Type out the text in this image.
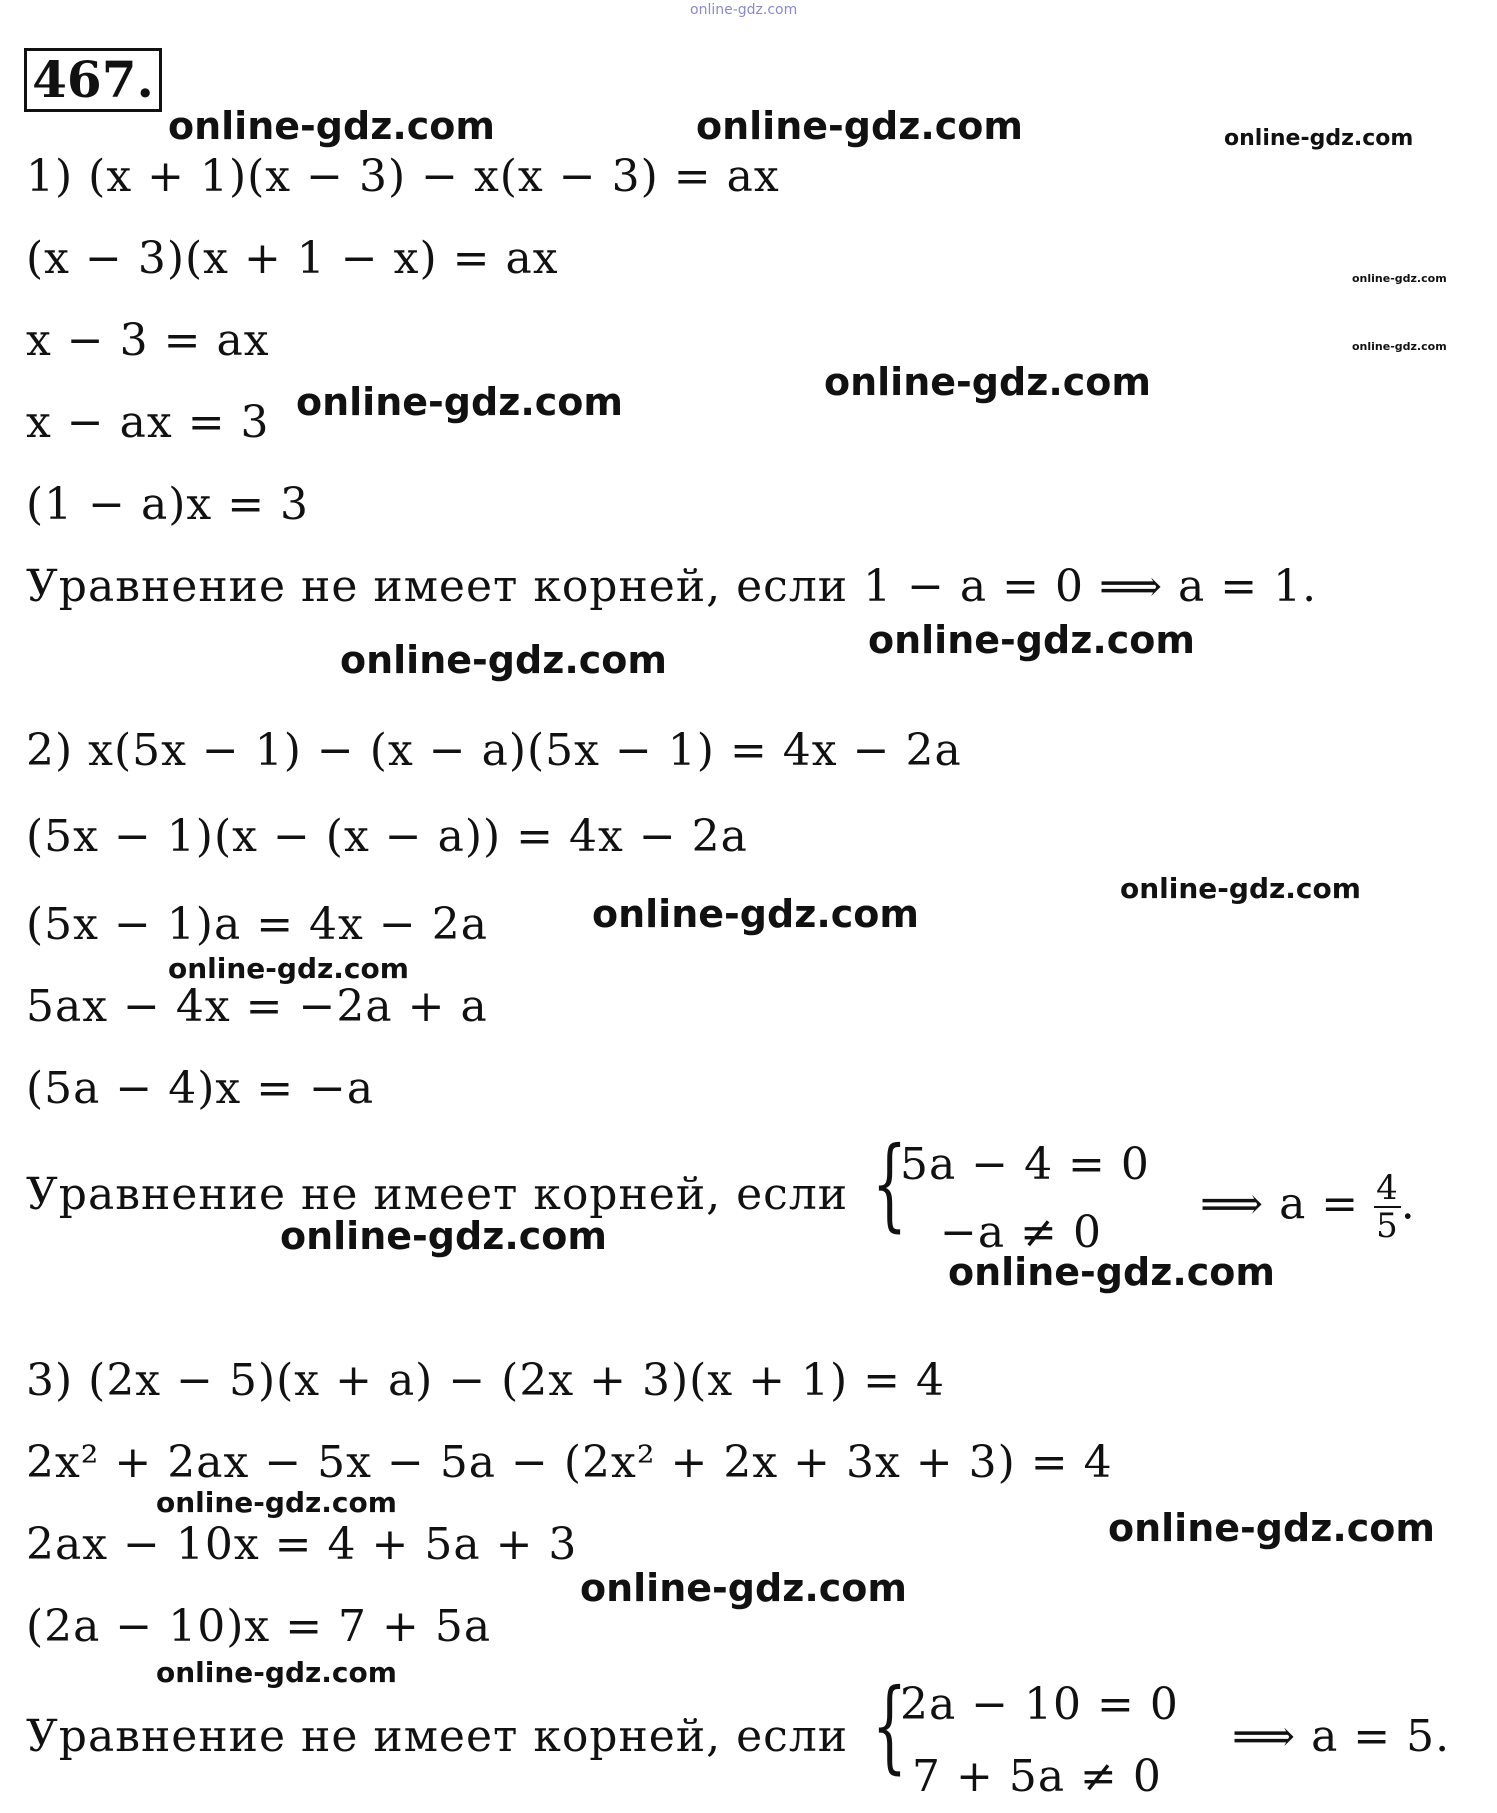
online-gdz.com
467.
1) (x + 1)(x − 3) − x(x − 3) = ax
(x − 3)(x + 1 − x) = ax
x − 3 = ax
x − ax = 3
(1 − a)x = 3
Уравнение не имеет корней, если 1 − a = 0 ⟹ a = 1.
2) x(5x − 1) − (x − a)(5x − 1) = 4x − 2a
(5x − 1)(x − (x − a)) = 4x − 2a
(5x − 1)a = 4x − 2a
5ax − 4x = −2a + a
(5a − 4)x = −a
Уравнение не имеет корней, если {
5a − 4 = 0
−a ≠ 0
⟹ $a = \frac{4}{5}$ .
3) (2x − 5)(x + a) − (2x + 3)(x + 1) = 4
2x² + 2ax − 5x − 5a − (2x² + 2x + 3x + 3) = 4
2ax − 10x = 4 + 5a + 3
(2a − 10)x = 7 + 5a
Уравнение не имеет корней, если {
2a − 10 = 0
7 + 5a ≠ 0
⟹ a = 5.
online-gdz.com	online-gdz.com	online-gdz.com
online-gdz.com
online-gdz.com
online-gdz.com	online-gdz.com
online-gdz.com
online-gdz.com
online-gdz.com
online-gdz.com
online-gdz.com
online-gdz.com
online-gdz.com
online-gdz.com
online-gdz.com
online-gdz.com
online-gdz.com
